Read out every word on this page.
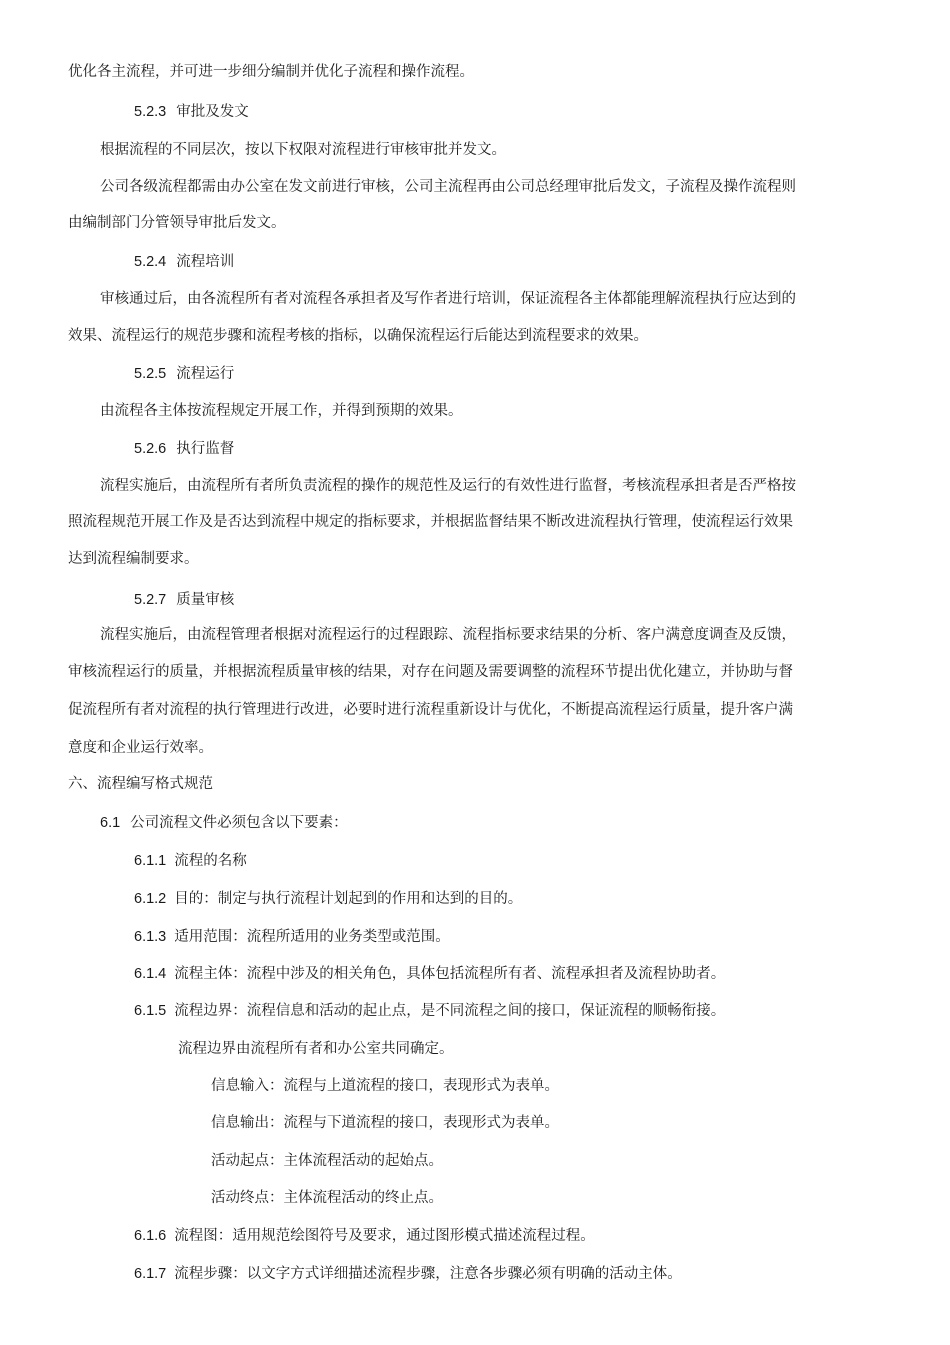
优化各主流程，并可进一步细分编制并优化子流程和操作流程。
5.2.3 审批及发文
根据流程的不同层次，按以下权限对流程进行审核审批并发文。
公司各级流程都需由办公室在发文前进行审核，公司主流程再由公司总经理审批后发文，子流程及操作流程则
由编制部门分管领导审批后发文。
5.2.4 流程培训
审核通过后，由各流程所有者对流程各承担者及写作者进行培训，保证流程各主体都能理解流程执行应达到的
效果、流程运行的规范步骤和流程考核的指标，以确保流程运行后能达到流程要求的效果。
5.2.5 流程运行
由流程各主体按流程规定开展工作，并得到预期的效果。
5.2.6 执行监督
流程实施后，由流程所有者所负责流程的操作的规范性及运行的有效性进行监督，考核流程承担者是否严格按
照流程规范开展工作及是否达到流程中规定的指标要求，并根据监督结果不断改进流程执行管理，使流程运行效果
达到流程编制要求。
5.2.7 质量审核
流程实施后，由流程管理者根据对流程运行的过程跟踪、流程指标要求结果的分析、客户满意度调查及反馈，
审核流程运行的质量，并根据流程质量审核的结果，对存在问题及需要调整的流程环节提出优化建立，并协助与督
促流程所有者对流程的执行管理进行改进，必要时进行流程重新设计与优化，不断提高流程运行质量，提升客户满
意度和企业运行效率。
六、流程编写格式规范
6.1 公司流程文件必须包含以下要素：
6.1.1 流程的名称
6.1.2 目的：制定与执行流程计划起到的作用和达到的目的。
6.1.3 适用范围：流程所适用的业务类型或范围。
6.1.4 流程主体：流程中涉及的相关角色，具体包括流程所有者、流程承担者及流程协助者。
6.1.5 流程边界：流程信息和活动的起止点，是不同流程之间的接口，保证流程的顺畅衔接。
流程边界由流程所有者和办公室共同确定。
信息输入：流程与上道流程的接口，表现形式为表单。
信息输出：流程与下道流程的接口，表现形式为表单。
活动起点：主体流程活动的起始点。
活动终点：主体流程活动的终止点。
6.1.6 流程图：适用规范绘图符号及要求，通过图形模式描述流程过程。
6.1.7 流程步骤：以文字方式详细描述流程步骤，注意各步骤必须有明确的活动主体。
